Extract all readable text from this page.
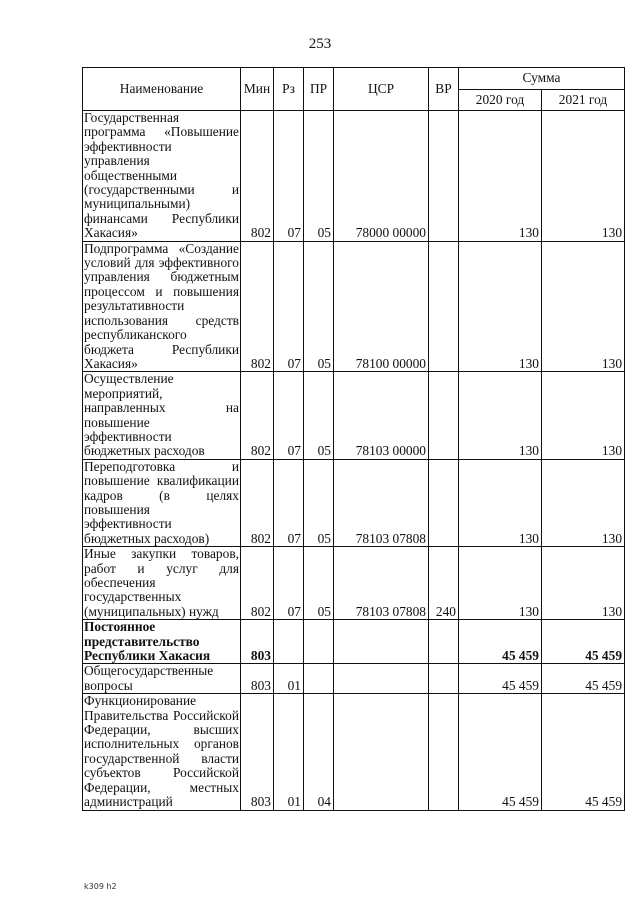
253
Наименование	Мин	Рз	ПР	ЦСР	ВР	Сумма	
						2020 год	2021 год
Государственная программа «Повышение эффективности управления общественными (государственными и муниципальными) финансами Республики Хакасия»	802	07	05	78000 00000		130	130
Подпрограмма «Создание условий для эффективного управления бюджетным процессом и повышения результативности использования средств республиканского бюджета Республики Хакасия»	802	07	05	78100 00000		130	130
Осуществление мероприятий, направленных на повышение эффективности бюджетных расходов	802	07	05	78103 00000		130	130
Переподготовка и повышение квалификации кадров (в целях повышения эффективности бюджетных расходов)	802	07	05	78103 07808		130	130
Иные закупки товаров, работ и услуг для обеспечения государственных (муниципальных) нужд	802	07	05	78103 07808	240	130	130
Постоянное представительство Республики Хакасия	803					45 459	45 459
Общегосударственные вопросы	803	01				45 459	45 459
Функционирование Правительства Российской Федерации, высших исполнительных органов государственной власти субъектов Российской Федерации, местных администраций	803	01	04			45 459	45 459
k309 h2
